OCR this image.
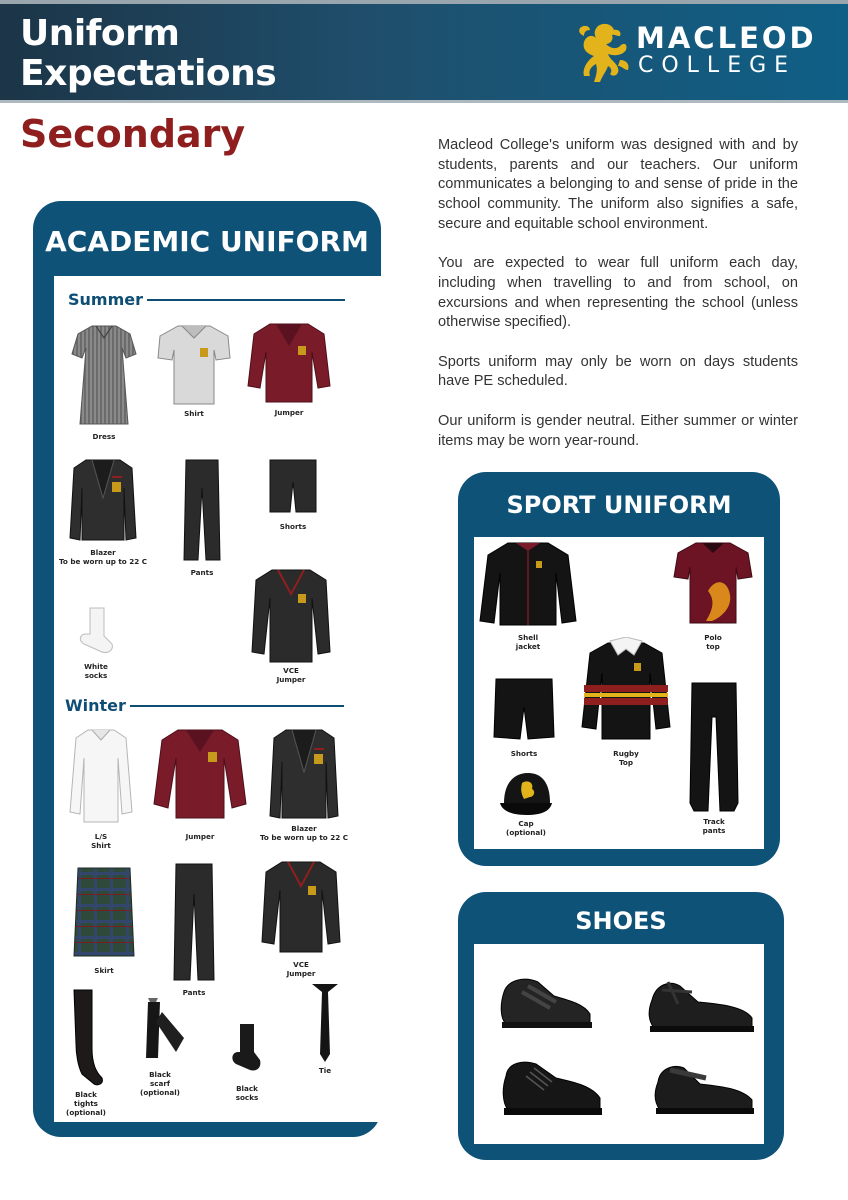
Uniform
Expectations
MACLEOD
COLLEGE
Secondary	Macleod College's uniform was designed with and by students, parents and our teachers. Our uniform communicates a belonging to and sense of pride in the school community. The uniform also signifies a safe, secure and equitable school environment.

You are expected to wear full uniform each day, including when travelling to and from school, on excursions and when representing the school (unless otherwise specified).

Sports uniform may only be worn on days students have PE scheduled.

Our uniform is gender neutral. Either summer or winter items may be worn year-round.

ACADEMIC UNIFORM
Summer
Dress
Shirt	Jumper
Blazer
To be worn up to 22 C
Pants
Shorts
White
socks
VCE
Jumper
Winter
L/S
Shirt
Jumper
Blazer
To be worn up to 22 C
Skirt
Pants
VCE
Jumper
Black
tights
(optional)
Black
scarf
(optional)	Black
socks
Tie
SPORT UNIFORM
Shell
jacket
Polo
top
Rugby
Top
Shorts
Track
pants
Cap
(optional)
SHOES
